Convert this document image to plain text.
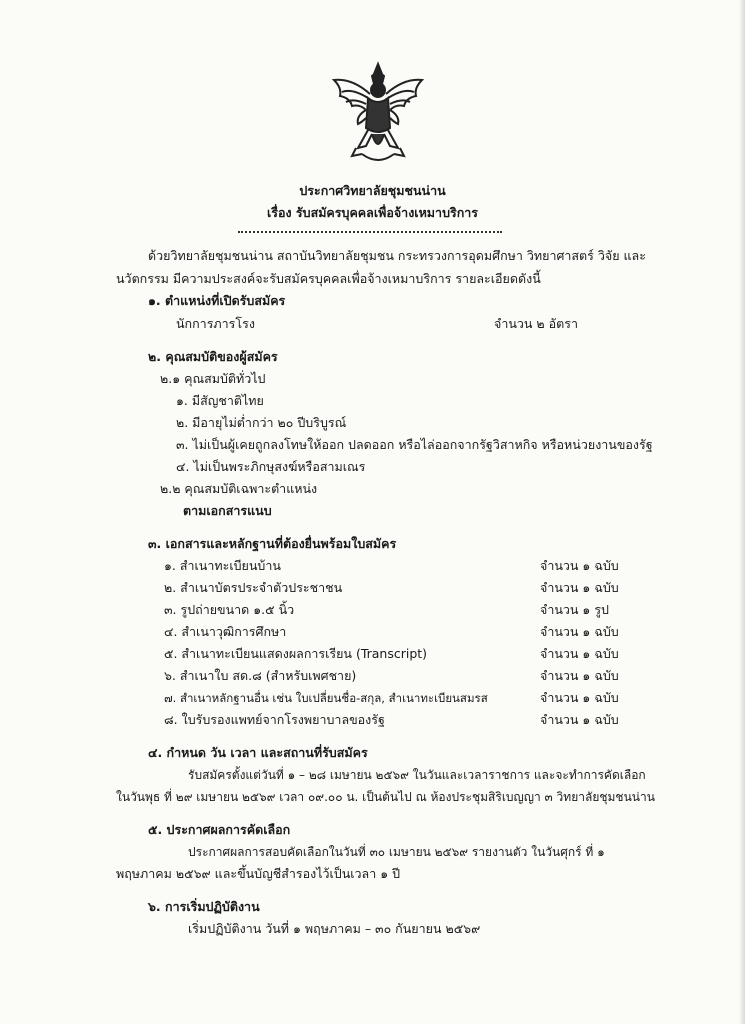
ประกาศวิทยาลัยชุมชนน่าน
เรื่อง รับสมัครบุคคลเพื่อจ้างเหมาบริการ
ด้วยวิทยาลัยชุมชนน่าน สถาบันวิทยาลัยชุมชน กระทรวงการอุดมศึกษา วิทยาศาสตร์ วิจัย และ
นวัตกรรม มีความประสงค์จะรับสมัครบุคคลเพื่อจ้างเหมาบริการ รายละเอียดดังนี้
๑. ตำแหน่งที่เปิดรับสมัคร
นักการภารโรง	จำนวน ๒ อัตรา
๒. คุณสมบัติของผู้สมัคร
๒.๑ คุณสมบัติทั่วไป
๑. มีสัญชาติไทย
๒. มีอายุไม่ต่ำกว่า ๒๐ ปีบริบูรณ์
๓. ไม่เป็นผู้เคยถูกลงโทษให้ออก ปลดออก หรือไล่ออกจากรัฐวิสาหกิจ หรือหน่วยงานของรัฐ
๔. ไม่เป็นพระภิกษุสงฆ์หรือสามเณร
๒.๒ คุณสมบัติเฉพาะตำแหน่ง
ตามเอกสารแนบ
๓. เอกสารและหลักฐานที่ต้องยื่นพร้อมใบสมัคร
๑. สำเนาทะเบียนบ้าน	จำนวน ๑ ฉบับ
๒. สำเนาบัตรประจำตัวประชาชน	จำนวน ๑ ฉบับ
๓. รูปถ่ายขนาด ๑.๕ นิ้ว	จำนวน ๑ รูป
๔. สำเนาวุฒิการศึกษา	จำนวน ๑ ฉบับ
๕. สำเนาทะเบียนแสดงผลการเรียน (Transcript)	จำนวน ๑ ฉบับ
๖. สำเนาใบ สด.๘ (สำหรับเพศชาย)	จำนวน ๑ ฉบับ
๗. สำเนาหลักฐานอื่น เช่น ใบเปลี่ยนชื่อ-สกุล, สำเนาทะเบียนสมรส	จำนวน ๑ ฉบับ
๘. ใบรับรองแพทย์จากโรงพยาบาลของรัฐ	จำนวน ๑ ฉบับ
๔. กำหนด วัน เวลา และสถานที่รับสมัคร
รับสมัครตั้งแต่วันที่ ๑ – ๒๘ เมษายน ๒๕๖๙ ในวันและเวลาราชการ และจะทำการคัดเลือก
ในวันพุธ ที่ ๒๙ เมษายน ๒๕๖๙ เวลา ๐๙.๐๐ น. เป็นต้นไป ณ ห้องประชุมสิริเบญญา ๓ วิทยาลัยชุมชนน่าน
๕. ประกาศผลการคัดเลือก
ประกาศผลการสอบคัดเลือกในวันที่ ๓๐ เมษายน ๒๕๖๙ รายงานตัว ในวันศุกร์ ที่ ๑
พฤษภาคม ๒๕๖๙ และขึ้นบัญชีสำรองไว้เป็นเวลา ๑ ปี
๖. การเริ่มปฏิบัติงาน
เริ่มปฏิบัติงาน วันที่ ๑ พฤษภาคม – ๓๐ กันยายน ๒๕๖๙
